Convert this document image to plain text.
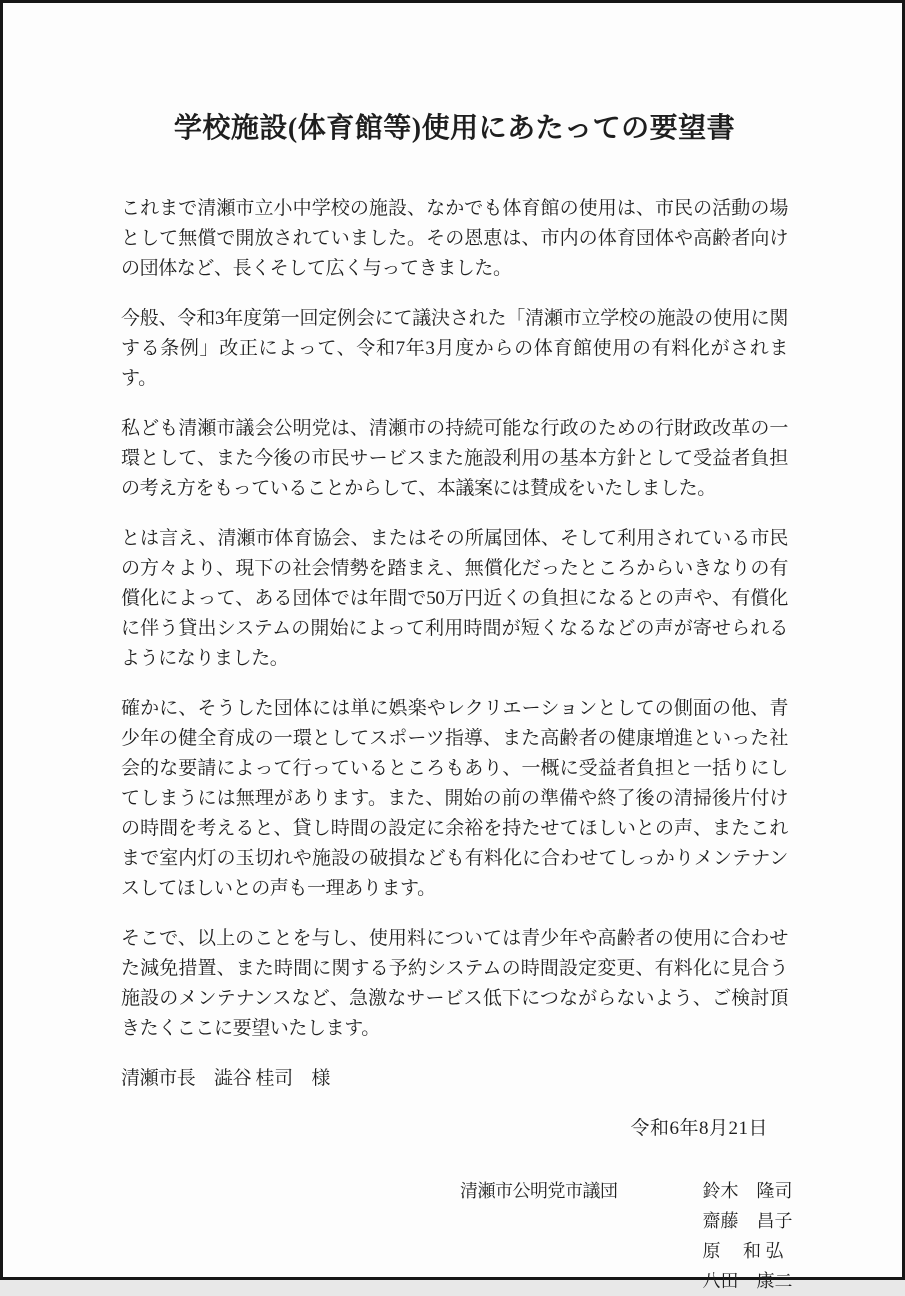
学校施設(体育館等)使用にあたっての要望書

これまで清瀬市立小中学校の施設、なかでも体育館の使用は、市民の活動の場として無償で開放されていました。その恩恵は、市内の体育団体や高齢者向けの団体など、長くそして広く与ってきました。

今般、令和3年度第一回定例会にて議決された「清瀬市立学校の施設の使用に関する条例」改正によって、令和7年3月度からの体育館使用の有料化がされます。

私ども清瀬市議会公明党は、清瀬市の持続可能な行政のための行財政改革の一環として、また今後の市民サービスまた施設利用の基本方針として受益者負担の考え方をもっていることからして、本議案には賛成をいたしました。

とは言え、清瀬市体育協会、またはその所属団体、そして利用されている市民の方々より、現下の社会情勢を踏まえ、無償化だったところからいきなりの有償化によって、ある団体では年間で50万円近くの負担になるとの声や、有償化に伴う貸出システムの開始によって利用時間が短くなるなどの声が寄せられるようになりました。

確かに、そうした団体には単に娯楽やレクリエーションとしての側面の他、青少年の健全育成の一環としてスポーツ指導、また高齢者の健康増進といった社会的な要請によって行っているところもあり、一概に受益者負担と一括りにしてしまうには無理があります。また、開始の前の準備や終了後の清掃後片付けの時間を考えると、貸し時間の設定に余裕を持たせてほしいとの声、またこれまで室内灯の玉切れや施設の破損なども有料化に合わせてしっかりメンテナンスしてほしいとの声も一理あります。

そこで、以上のことを与し、使用料については青少年や高齢者の使用に合わせた減免措置、また時間に関する予約システムの時間設定変更、有料化に見合う施設のメンテナンスなど、急激なサービス低下につながらないよう、ご検討頂きたくここに要望いたします。

清瀬市長　澁谷 桂司　様

令和6年8月21日
清瀬市公明党市議団	鈴木　隆司
齋藤　昌子
原　 和 弘
八田　康二
